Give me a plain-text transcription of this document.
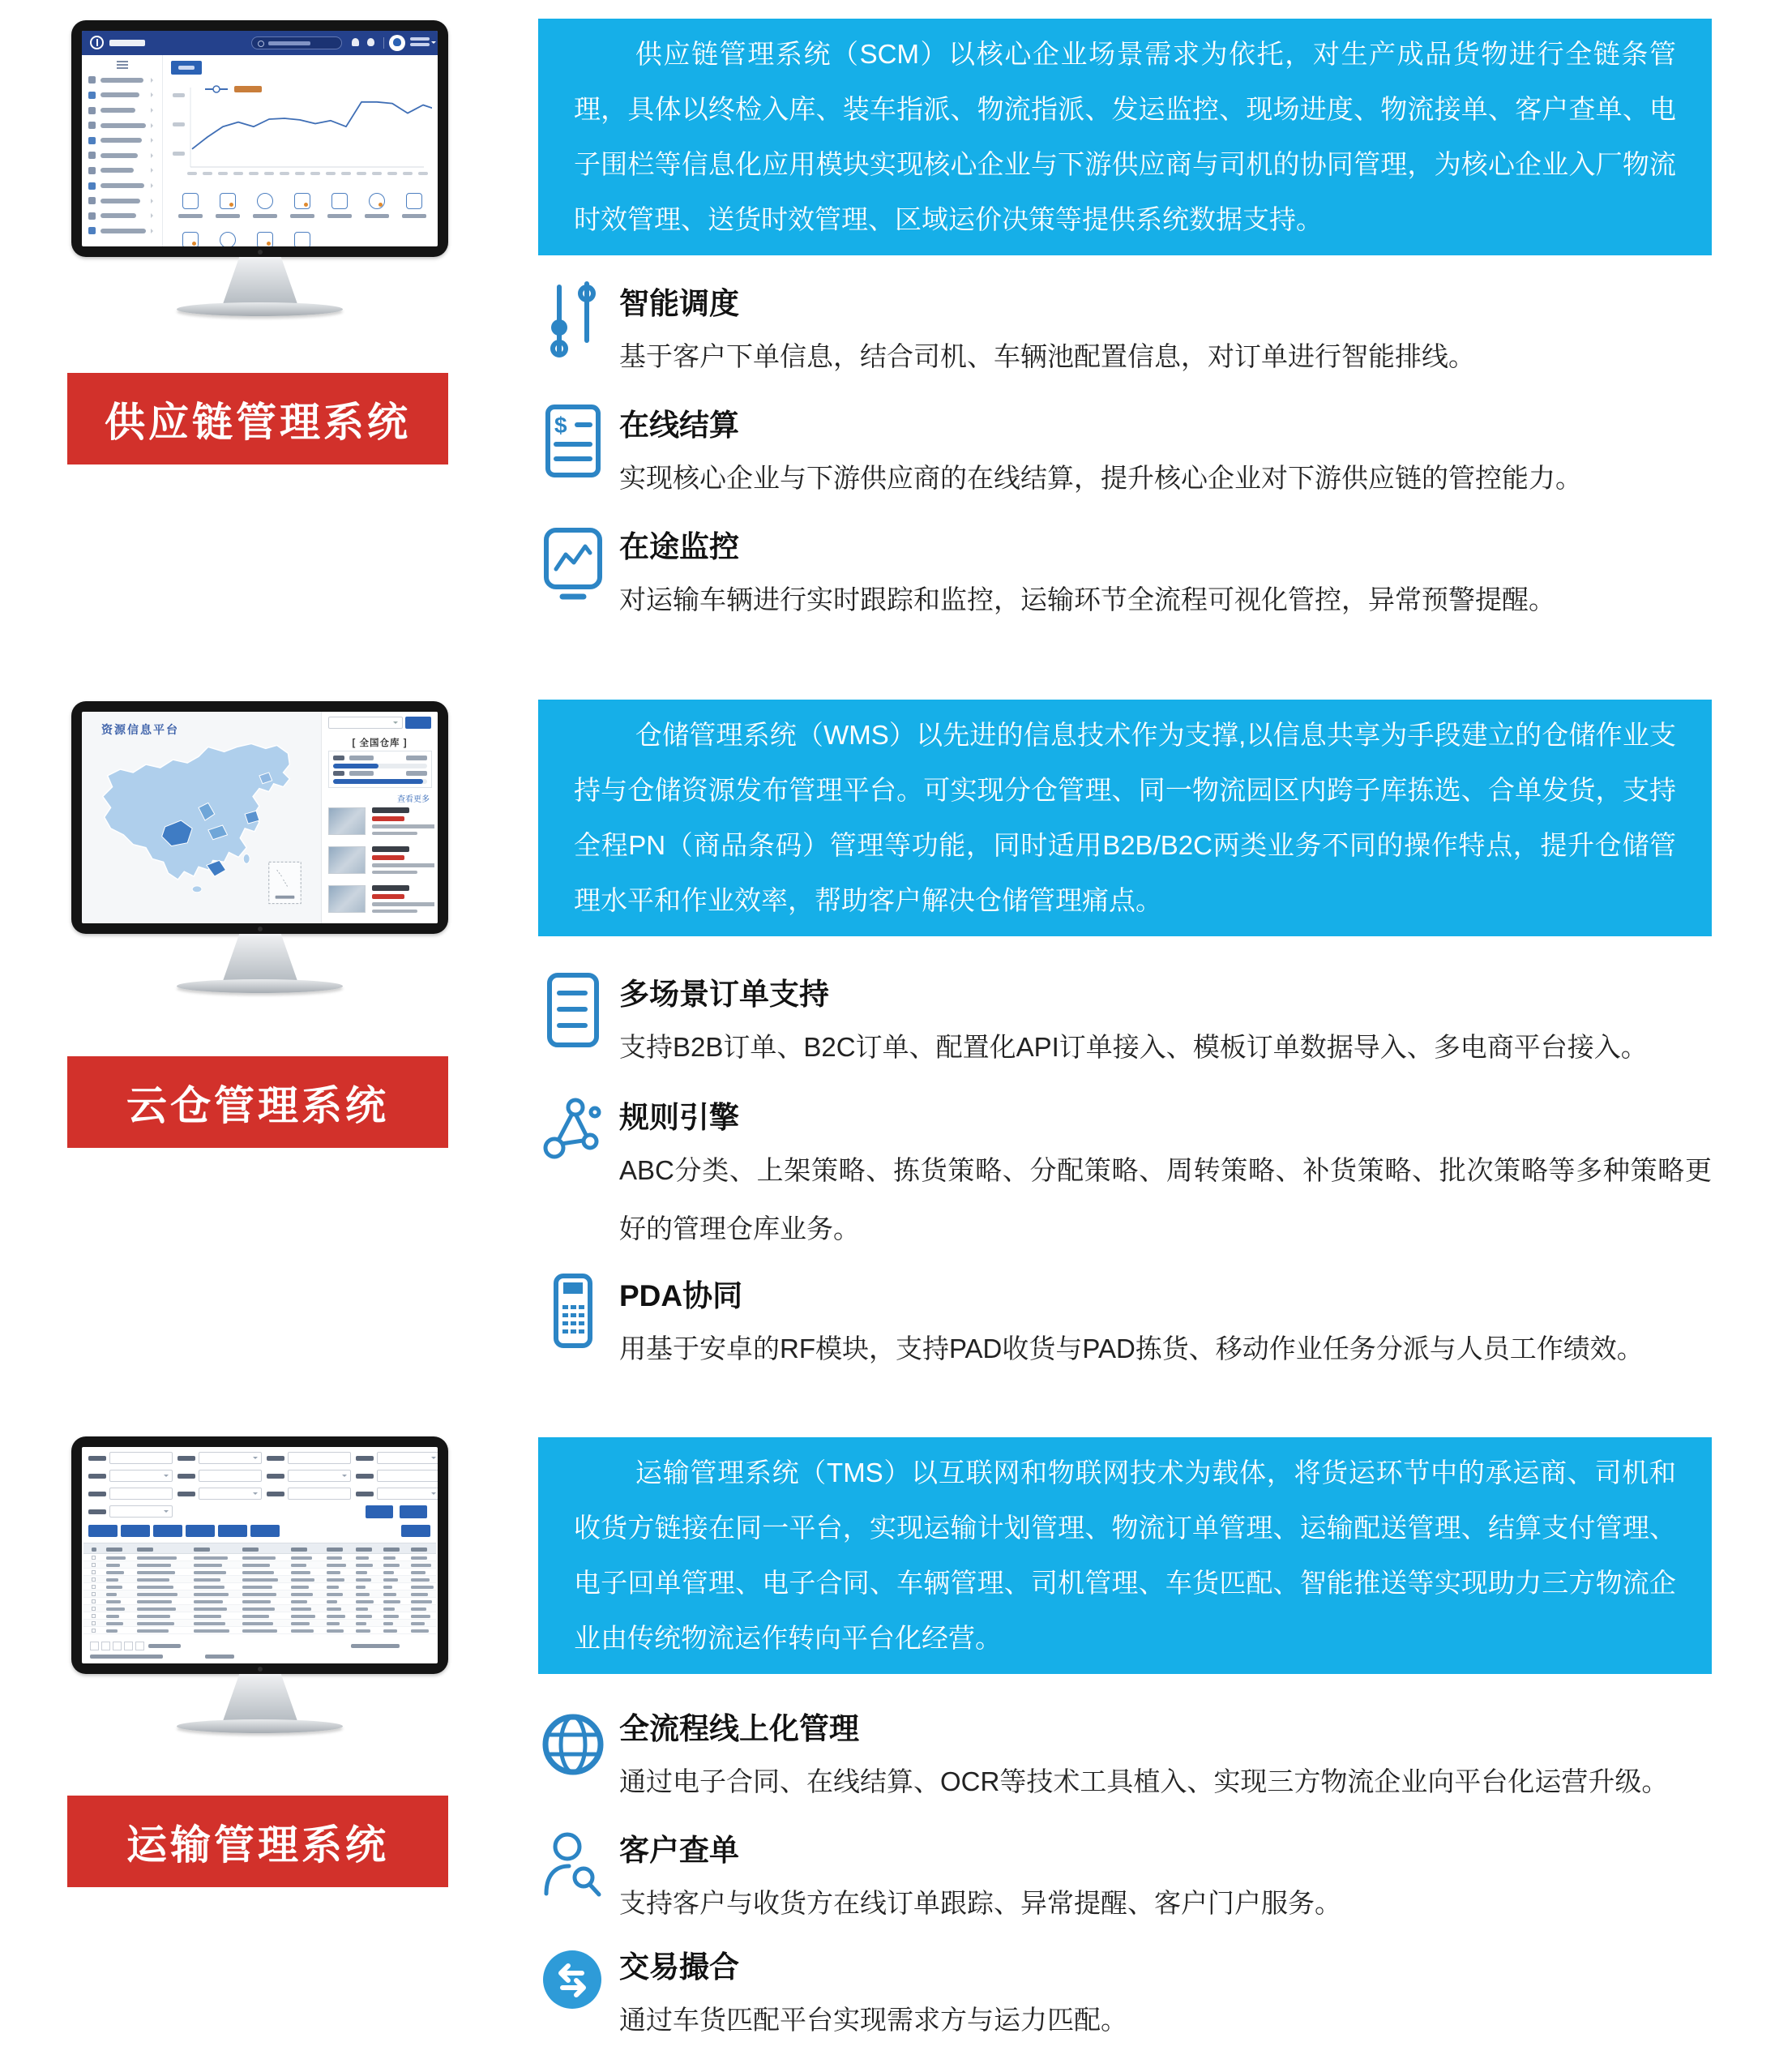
供应链管理系统

供应链管理系统（SCM）以核心企业场景需求为依托，对生产成品货物进行全链条管理，具体以终检入库、装车指派、物流指派、发运监控、现场进度、物流接单、客户查单、电子围栏等信息化应用模块实现核心企业与下游供应商与司机的协同管理，为核心企业入厂物流时效管理、送货时效管理、区域运价决策等提供系统数据支持。

智能调度
基于客户下单信息，结合司机、车辆池配置信息，对订单进行智能排线。
$ 在线结算
实现核心企业与下游供应商的在线结算，提升核心企业对下游供应链的管控能力。
在途监控
对运输车辆进行实时跟踪和监控，运输环节全流程可视化管控，异常预警提醒。
资源信息平台
[ 全国仓库 ]
查看更多
云仓管理系统

仓储管理系统（WMS）以先进的信息技术作为支撑,以信息共享为手段建立的仓储作业支持与仓储资源发布管理平台。可实现分仓管理、同一物流园区内跨子库拣选、合单发货，支持全程PN（商品条码）管理等功能，同时适用B2B/B2C两类业务不同的操作特点，提升仓储管理水平和作业效率，帮助客户解决仓储管理痛点。

多场景订单支持
支持B2B订单、B2C订单、配置化API订单接入、模板订单数据导入、多电商平台接入。
规则引擎
ABC分类、上架策略、拣货策略、分配策略、周转策略、补货策略、批次策略等多种策略更好的管理仓库业务。
PDA协同
用基于安卓的RF模块，支持PAD收货与PAD拣货、移动作业任务分派与人员工作绩效。
运输管理系统

运输管理系统（TMS）以互联网和物联网技术为载体，将货运环节中的承运商、司机和收货方链接在同一平台，实现运输计划管理、物流订单管理、运输配送管理、结算支付管理、电子回单管理、电子合同、车辆管理、司机管理、车货匹配、智能推送等实现助力三方物流企业由传统物流运作转向平台化经营。

全流程线上化管理
通过电子合同、在线结算、OCR等技术工具植入、实现三方物流企业向平台化运营升级。
客户查单
支持客户与收货方在线订单跟踪、异常提醒、客户门户服务。
交易撮合
通过车货匹配平台实现需求方与运力匹配。
